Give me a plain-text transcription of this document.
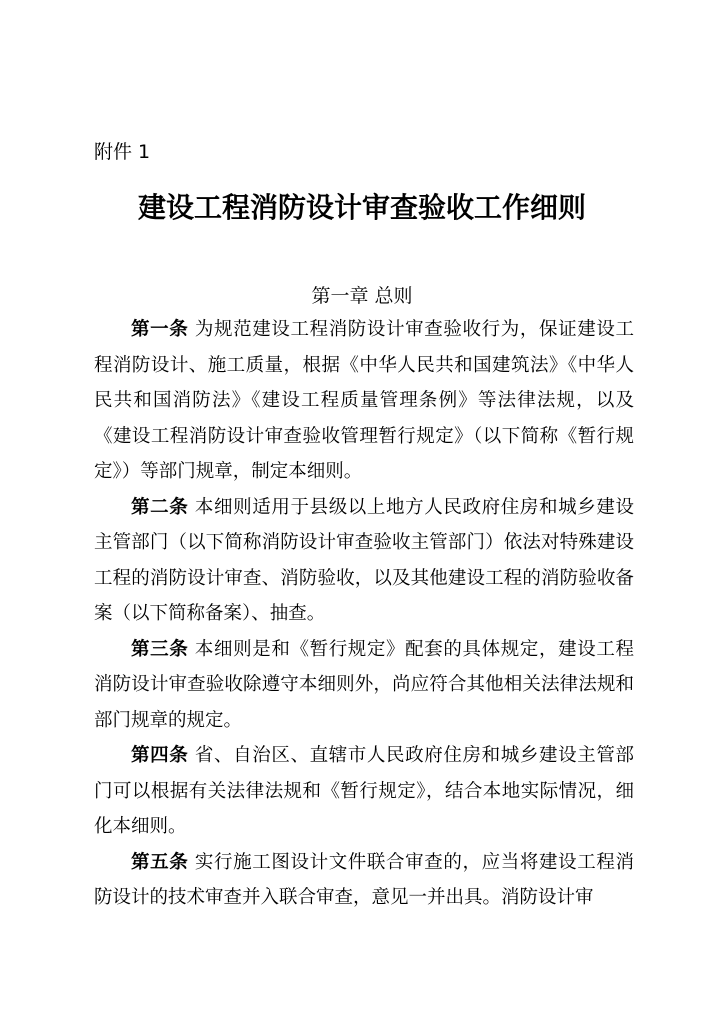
附件 1
建设工程消防设计审查验收工作细则
第一章 总则

第一条 为规范建设工程消防设计审查验收行为，保证建设工程消防设计、施工质量，根据《中华人民共和国建筑法》《中华人民共和国消防法》《建设工程质量管理条例》等法律法规，以及《建设工程消防设计审查验收管理暂行规定》（以下简称《暂行规定》）等部门规章，制定本细则。

第二条 本细则适用于县级以上地方人民政府住房和城乡建设主管部门（以下简称消防设计审查验收主管部门）依法对特殊建设工程的消防设计审查、消防验收，以及其他建设工程的消防验收备案（以下简称备案）、抽查。

第三条 本细则是和《暂行规定》配套的具体规定，建设工程消防设计审查验收除遵守本细则外，尚应符合其他相关法律法规和部门规章的规定。

第四条 省、自治区、直辖市人民政府住房和城乡建设主管部门可以根据有关法律法规和《暂行规定》，结合本地实际情况，细化本细则。

第五条 实行施工图设计文件联合审查的，应当将建设工程消防设计的技术审查并入联合审查，意见一并出具。消防设计审
